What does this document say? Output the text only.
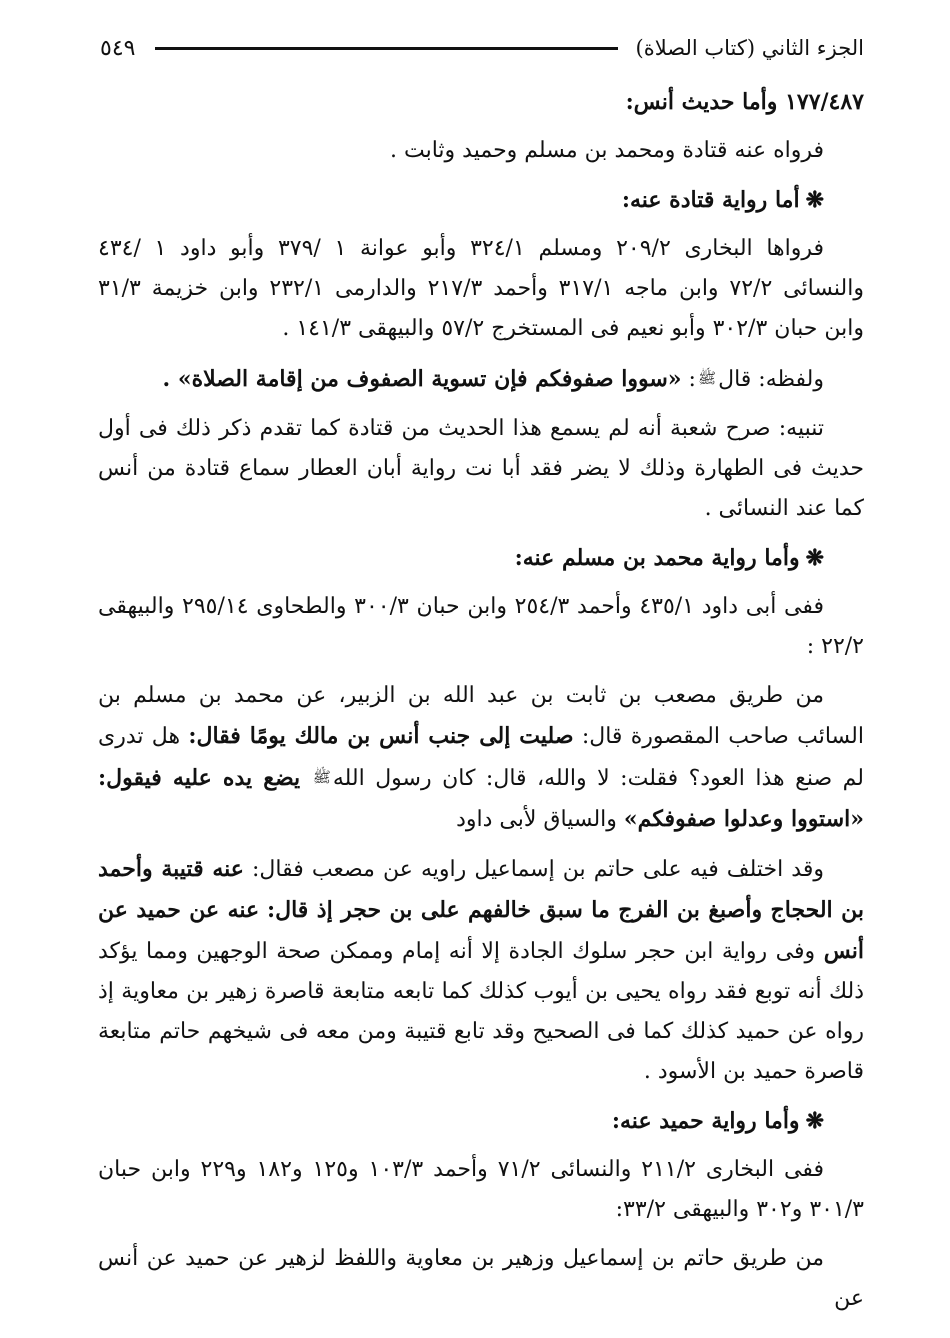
الجزء الثاني (كتاب الصلاة)
٥٤٩

١٧٧/٤٨٧ وأما حديث أنس:

فرواه عنه قتادة ومحمد بن مسلم وحميد وثابت .

❋أما رواية قتادة عنه:

فرواها البخارى ٢٠٩/٢ ومسلم ٣٢٤/١ وأبو عوانة ١ /٣٧٩ وأبو داود ١ /٤٣٤ والنسائى ٧٢/٢ وابن ماجه ٣١٧/١ وأحمد ٢١٧/٣ والدارمى ٢٣٢/١ وابن خزيمة ٣١/٣ وابن حبان ٣٠٢/٣ وأبو نعيم فى المستخرج ٥٧/٢ والبيهقى ١٤١/٣ .

ولفظه: قالﷺ: «سووا صفوفكم فإن تسوية الصفوف من إقامة الصلاة» .

تنبيه: صرح شعبة أنه لم يسمع هذا الحديث من قتادة كما تقدم ذكر ذلك فى أول حديث فى الطهارة وذلك لا يضر فقد أبا نت رواية أبان العطار سماع قتادة من أنس كما عند النسائى .

❋وأما رواية محمد بن مسلم عنه:

ففى أبى داود ٤٣٥/١ وأحمد ٢٥٤/٣ وابن حبان ٣٠٠/٣ والطحاوى ٢٩٥/١٤ والبيهقى ٢٢/٢ :

من طريق مصعب بن ثابت بن عبد الله بن الزبير، عن محمد بن مسلم بن السائب صاحب المقصورة قال: صليت إلى جنب أنس بن مالك يومًا فقال: هل تدرى لم صنع هذا العود؟ فقلت: لا والله، قال: كان رسول اللهﷺ يضع يده عليه فيقول: «استووا وعدلوا صفوفكم» والسياق لأبى داود

وقد اختلف فيه على حاتم بن إسماعيل راويه عن مصعب فقال: عنه قتيبة وأحمد بن الحجاج وأصبغ بن الفرج ما سبق خالفهم على بن حجر إذ قال: عنه عن حميد عن أنس وفى رواية ابن حجر سلوك الجادة إلا أنه إمام وممكن صحة الوجهين ومما يؤكد ذلك أنه توبع فقد رواه يحيى بن أيوب كذلك كما تابعه متابعة قاصرة زهير بن معاوية إذ رواه عن حميد كذلك كما فى الصحيح وقد تابع قتيبة ومن معه فى شيخهم حاتم متابعة قاصرة حميد بن الأسود .

❋وأما رواية حميد عنه:

ففى البخارى ٢١١/٢ والنسائى ٧١/٢ وأحمد ١٠٣/٣ و١٢٥ و١٨٢ و٢٢٩ وابن حبان ٣٠١/٣ و٣٠٢ والبيهقى ٣٣/٢:

من طريق حاتم بن إسماعيل وزهير بن معاوية واللفظ لزهير عن حميد عن أنس عن
